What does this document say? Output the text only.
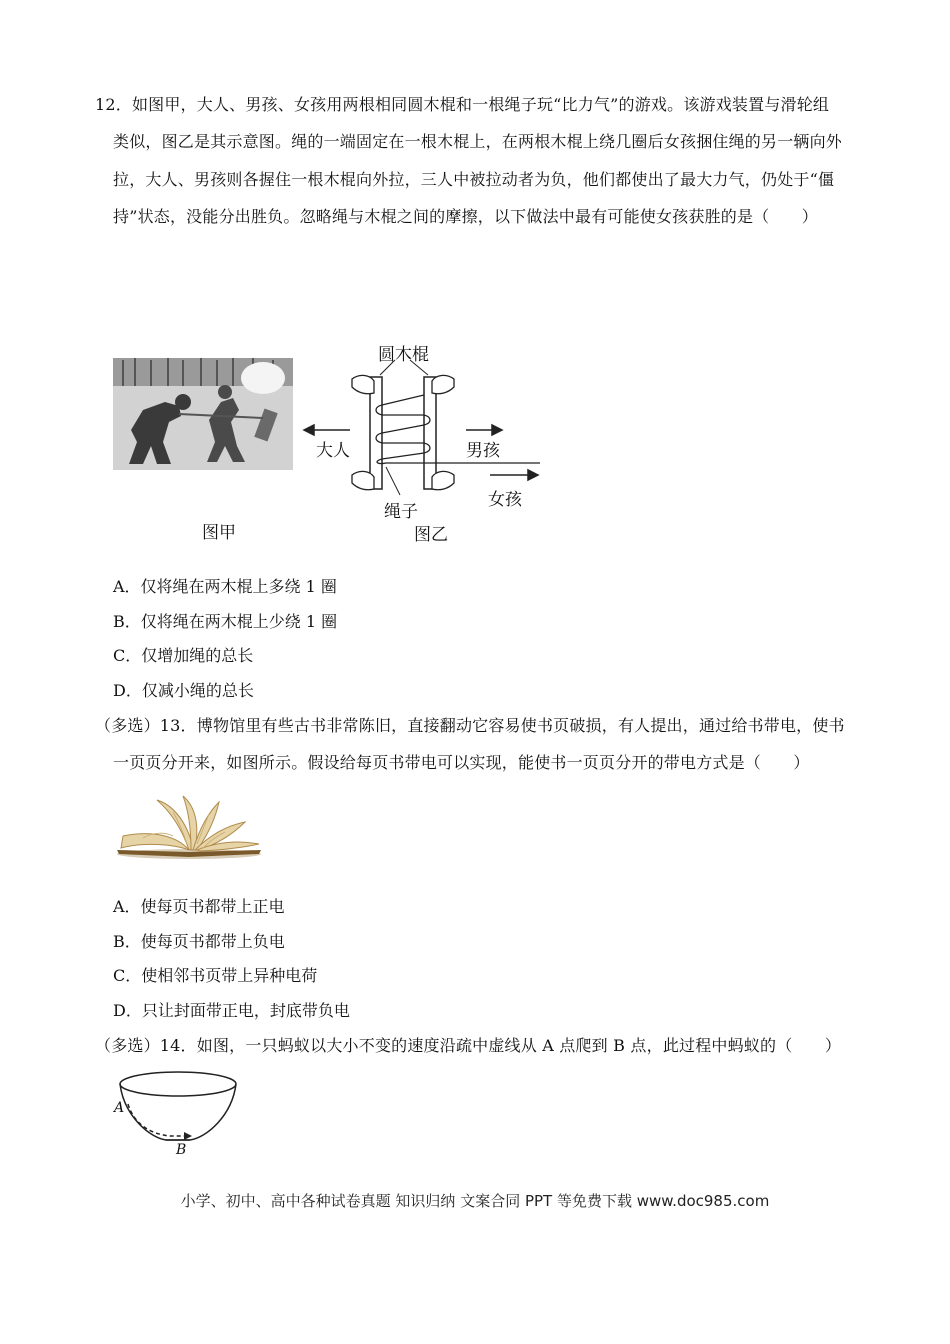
12．如图甲，大人、男孩、女孩用两根相同圆木棍和一根绳子玩“比力气”的游戏。该游戏装置与滑轮组
类似，图乙是其示意图。绳的一端固定在一根木棍上，在两根木棍上绕几圈后女孩捆住绳的另一辆向外
拉，大人、男孩则各握住一根木棍向外拉，三人中被拉动者为负，他们都使出了最大力气，仍处于“僵
持”状态，没能分出胜负。忽略绳与木棍之间的摩擦，以下做法中最有可能使女孩获胜的是（　　）
图甲
圆木棍
大人	男孩
女孩
绳子
图乙
A．仅将绳在两木棍上多绕 1 圈
B．仅将绳在两木棍上少绕 1 圈
C．仅增加绳的总长
D．仅减小绳的总长
（多选）13．博物馆里有些古书非常陈旧，直接翻动它容易使书页破损，有人提出，通过给书带电，使书
一页页分开来，如图所示。假设给每页书带电可以实现，能使书一页页分开的带电方式是（　　）
A．使每页书都带上正电
B．使每页书都带上负电
C．使相邻书页带上异种电荷
D．只让封面带正电，封底带负电
（多选）14．如图，一只蚂蚁以大小不变的速度沿疏中虚线从 A 点爬到 B 点，此过程中蚂蚁的（　　）
A
B
小学、初中、高中各种试卷真题 知识归纳 文案合同 PPT 等免费下载 www.doc985.com
